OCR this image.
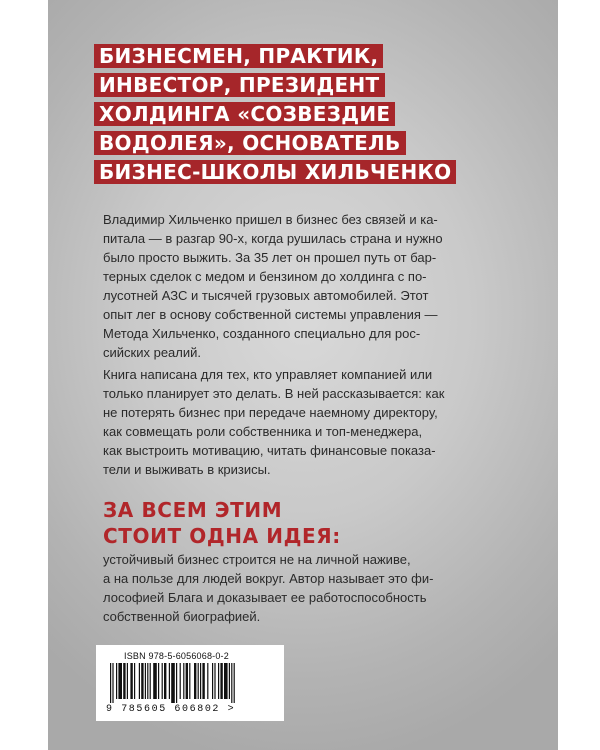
БИЗНЕСМЕН, ПРАКТИК,
ИНВЕСТОР, ПРЕЗИДЕНТ
ХОЛДИНГА «СОЗВЕЗДИЕ
ВОДОЛЕЯ», ОСНОВАТЕЛЬ
БИЗНЕС-ШКОЛЫ ХИЛЬЧЕНКО

Владимир Хильченко пришел в бизнес без связей и ка-
питала — в разгар 90-х, когда рушилась страна и нужно
было просто выжить. За 35 лет он прошел путь от бар-
терных сделок с медом и бензином до холдинга с по-
лусотней АЗС и тысячей грузовых автомобилей. Этот
опыт лег в основу собственной системы управления —
Метода Хильченко, созданного специально для рос-
сийских реалий.

Книга написана для тех, кто управляет компанией или
только планирует это делать. В ней рассказывается: как
не потерять бизнес при передаче наемному директору,
как совмещать роли собственника и топ-менеджера,
как выстроить мотивацию, читать финансовые показа-
тели и выживать в кризисы.

ЗА ВСЕМ ЭТИМ
СТОИТ ОДНА ИДЕЯ:

устойчивый бизнес строится не на личной наживе,
а на пользе для людей вокруг. Автор называет это фи-
лософией Блага и доказывает ее работоспособность
собственной биографией.

ISBN 978-5-6056068-0-2
9 785605 606802 >
